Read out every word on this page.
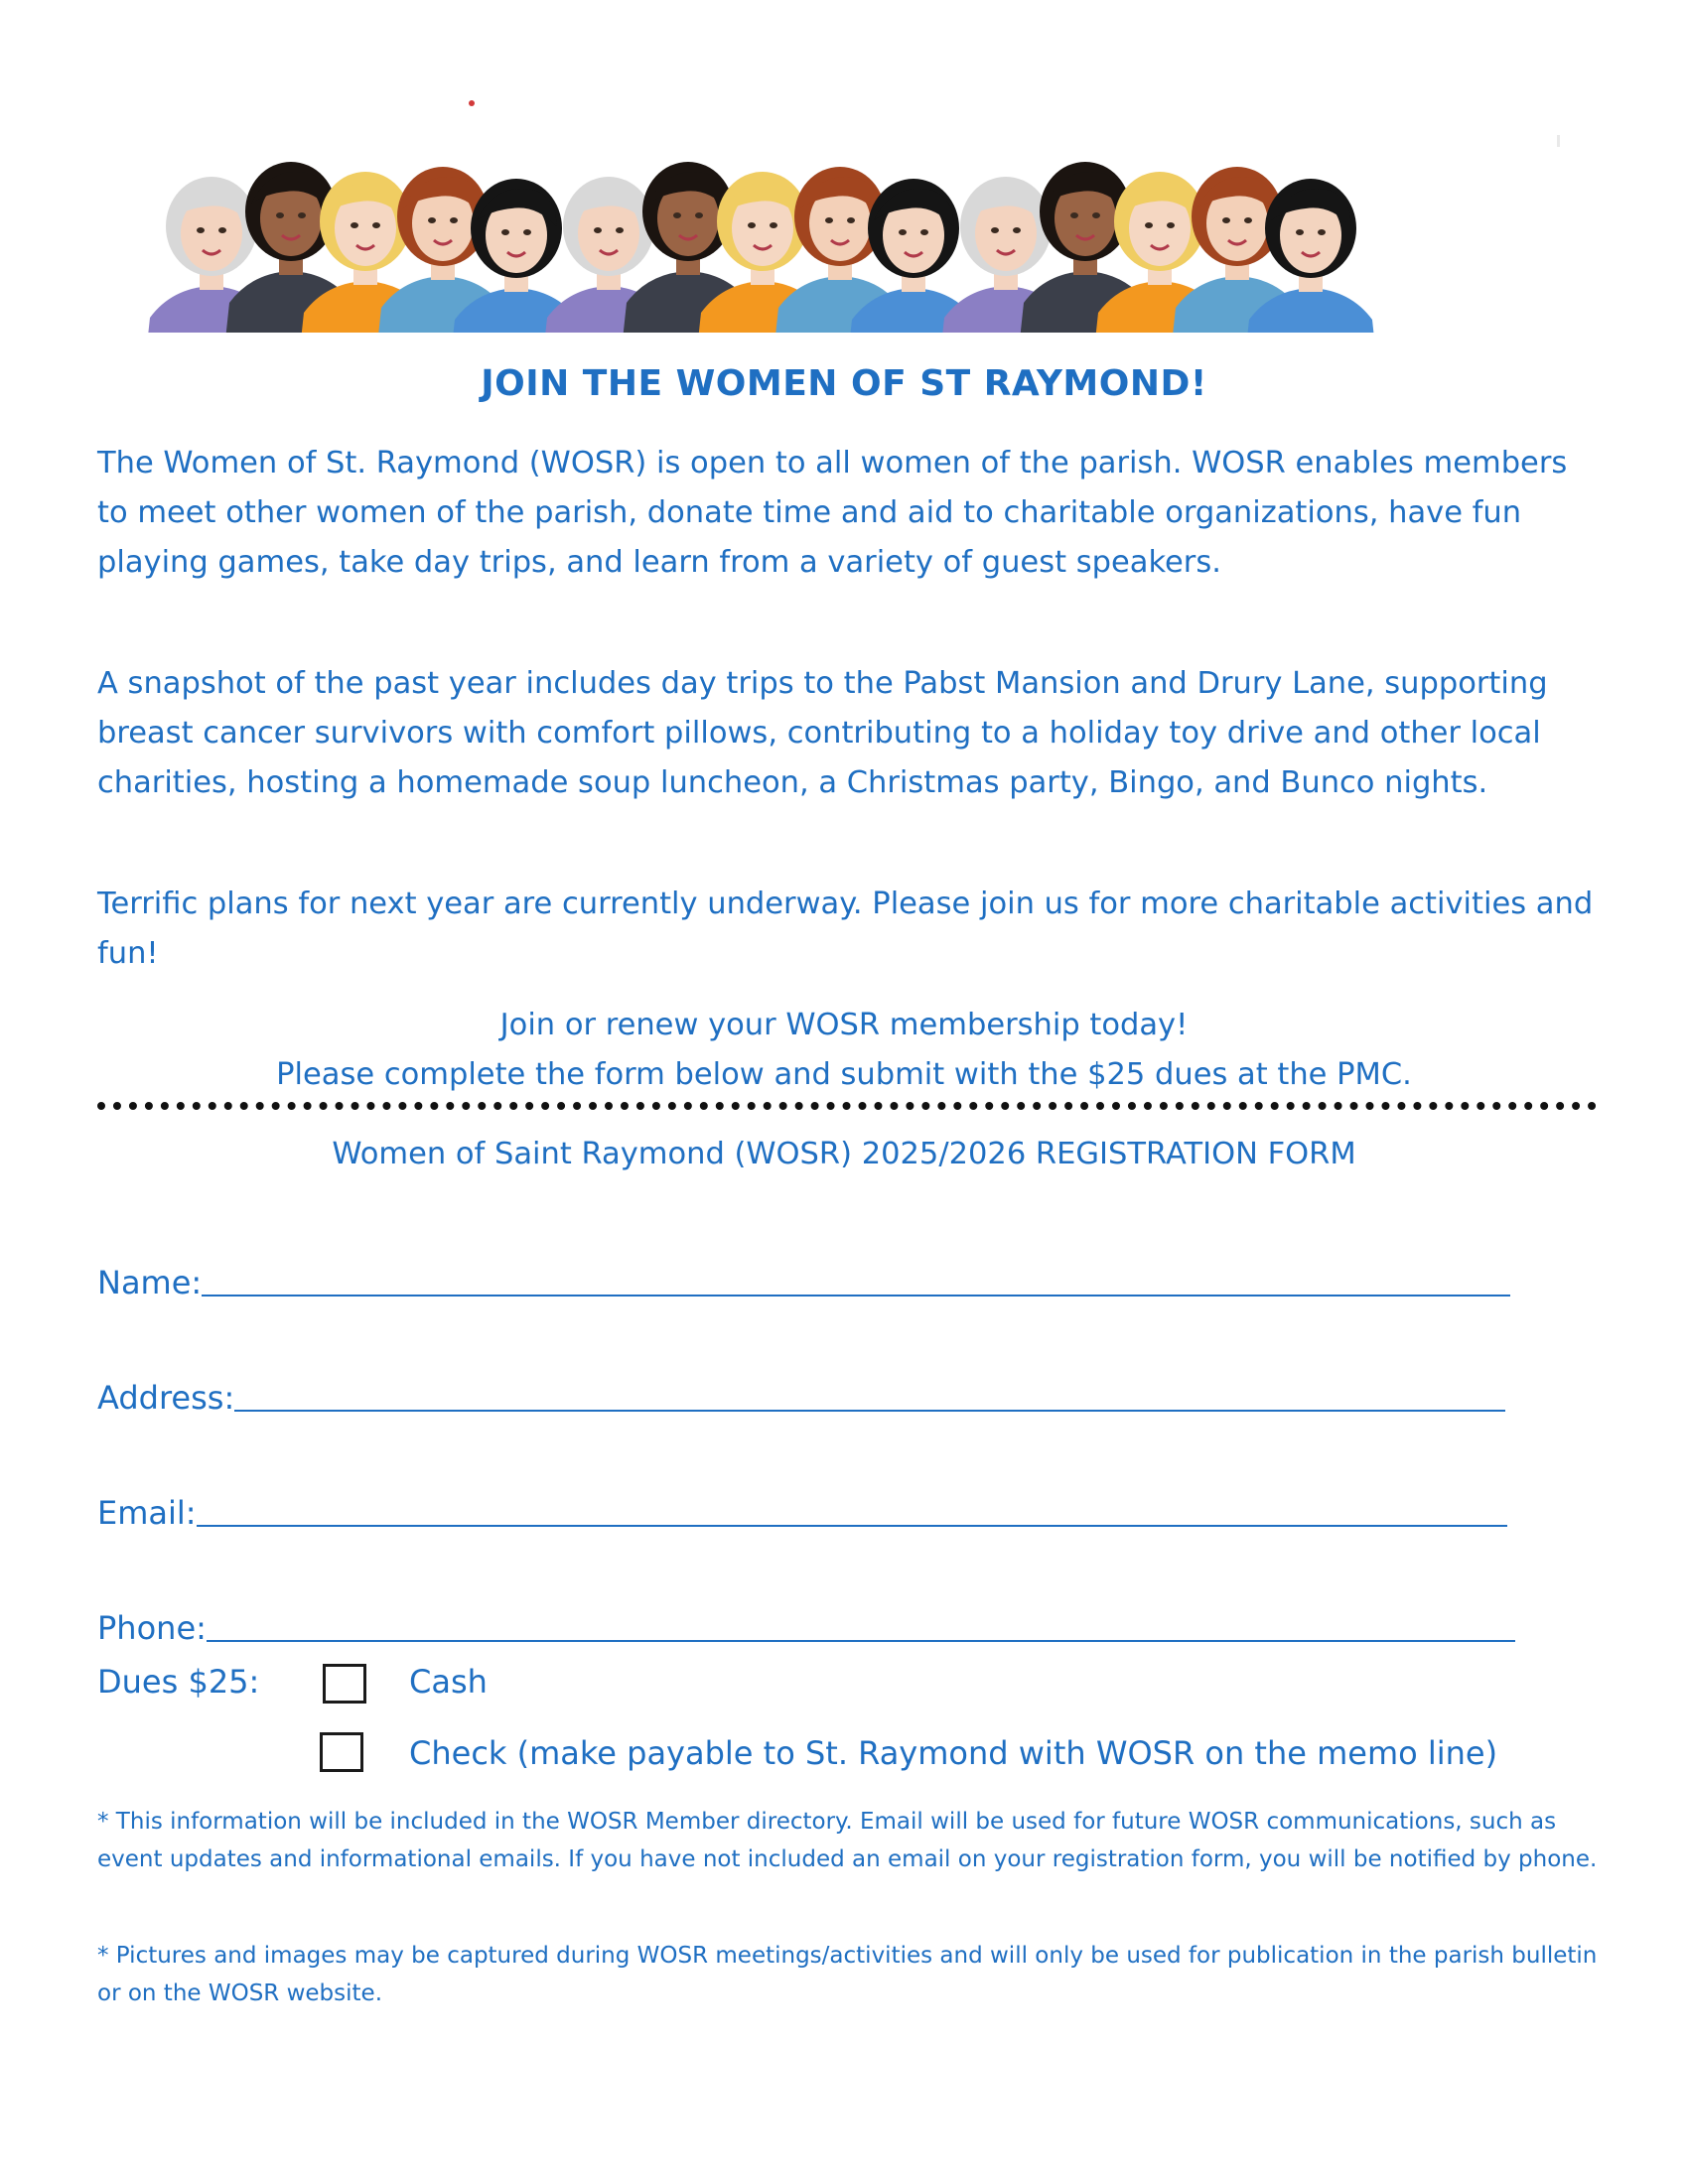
JOIN THE WOMEN OF ST RAYMOND!

The Women of St. Raymond (WOSR) is open to all women of the parish. WOSR enables members to meet other women of the parish, donate time and aid to charitable organizations, have fun playing games, take day trips, and learn from a variety of guest speakers.

A snapshot of the past year includes day trips to the Pabst Mansion and Drury Lane, supporting breast cancer survivors with comfort pillows, contributing to a holiday toy drive and other local charities, hosting a homemade soup luncheon, a Christmas party, Bingo, and Bunco nights.

Terrific plans for next year are currently underway. Please join us for more charitable activities and fun!

Join or renew your WOSR membership today!
Please complete the form below and submit with the $25 dues at the PMC.
Women of Saint Raymond (WOSR) 2025/2026 REGISTRATION FORM
Name:
Address:
Email:
Phone:
Dues $25:	Cash
Check (make payable to St. Raymond with WOSR on the memo line)

* This information will be included in the WOSR Member directory. Email will be used for future WOSR communications, such as event updates and informational emails. If you have not included an email on your registration form, you will be notified by phone.

* Pictures and images may be captured during WOSR meetings/activities and will only be used for publication in the parish bulletin or on the WOSR website.
